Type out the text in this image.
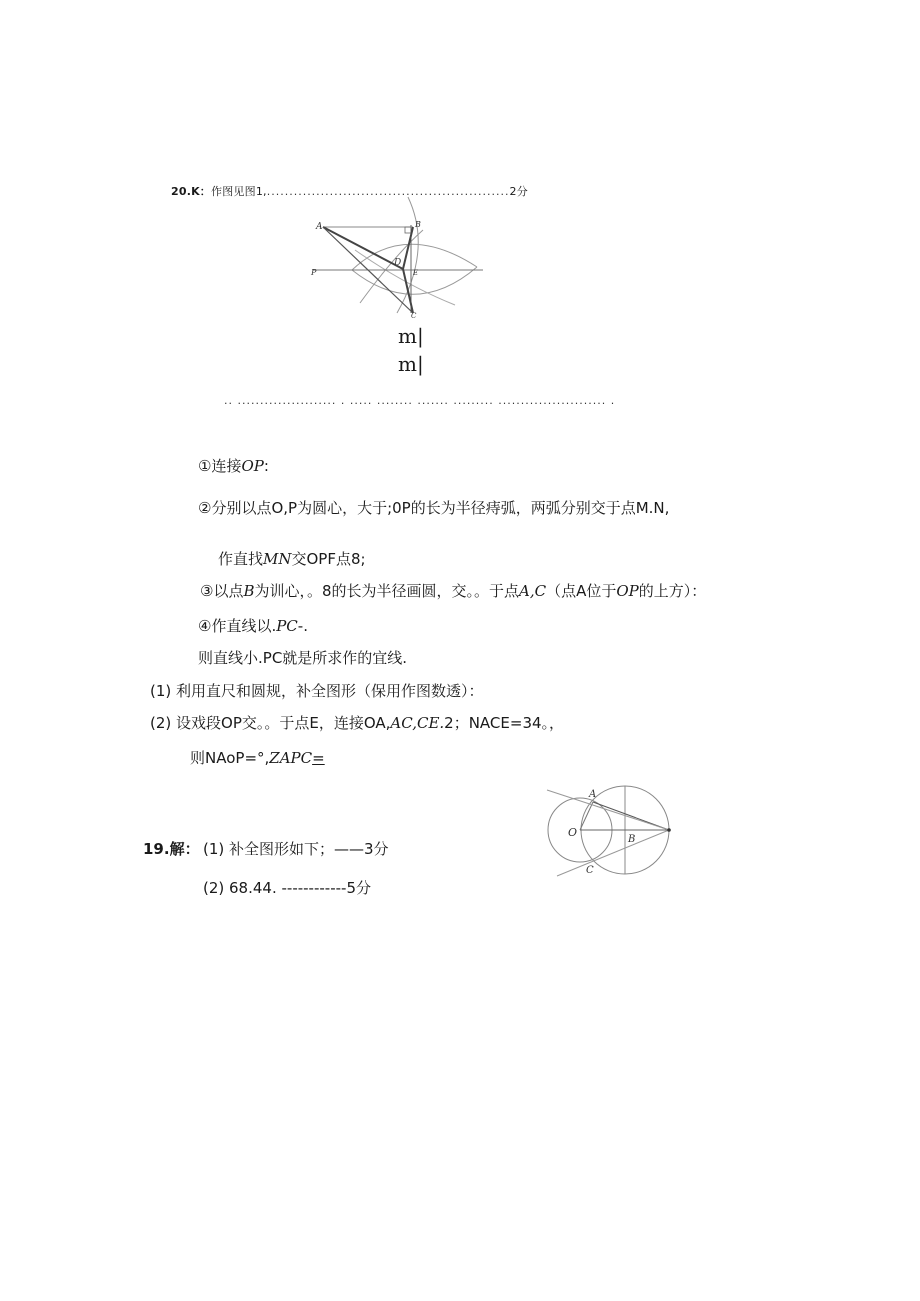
20.K：作图见图1,......................................................2分
A	B
D
E
P
C
m|
m|
.. ...................... . ..... ........ ....... ......... ........................ .
①连接OP:
②分别以点O,P为圆心，大于;0P的长为半径痔弧，两弧分别交于点M.N,
作直找MN交OPF点8;
③以点B为训心，。8的长为半径画圆，交。。于点A,C（点A位于OP的上方）：
④作直线以.PC-.
则直线小.PC就是所求作的宜线.
(1) 利用直尺和圆规，补全图形（保用作图数透）：
(2) 设戏段OP交。。于点E，连接OA,AC,CE.2；NACE=34。，
则NAoP=°,ZAPC=
A
O
B
C
19.解： (1) 补全图形如下；——3分
(2) 68.44. ------------5分
